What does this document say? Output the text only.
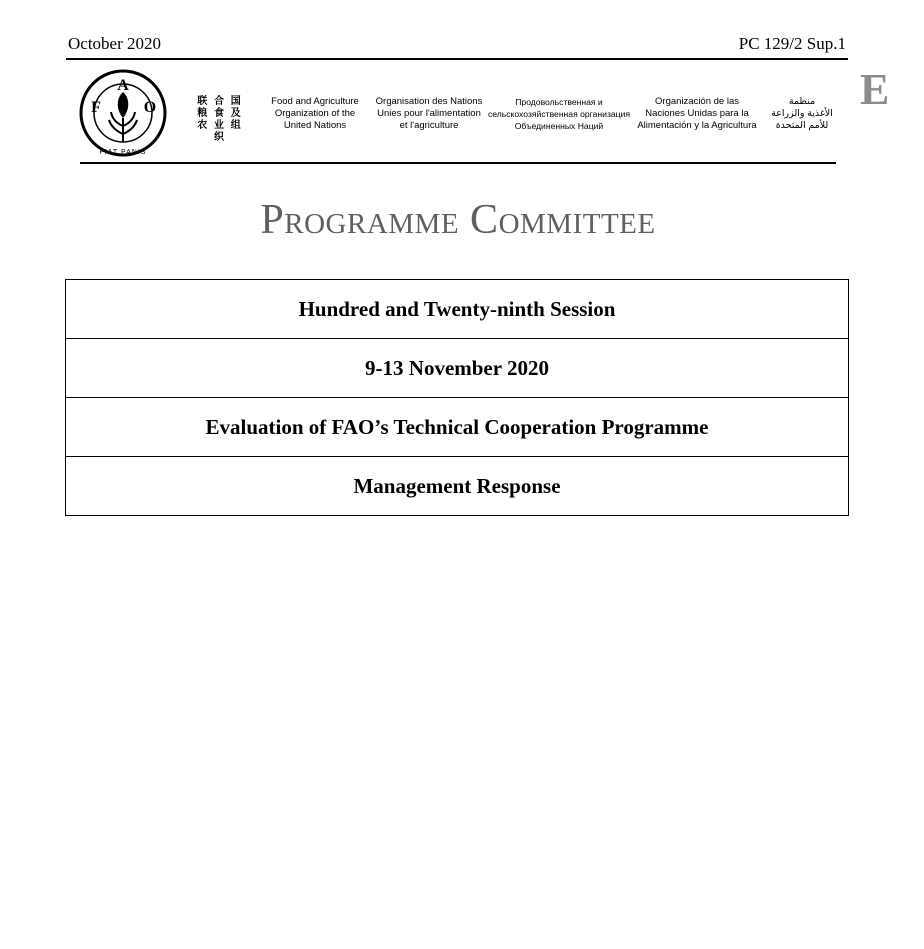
October 2020	PC 129/2 Sup.1
E
F
A
O
FIAT PANIS
联 合 国
粮 食 及
农 业 组 织
Food and Agriculture
Organization of the
United Nations
Organisation des Nations
Unies pour l'alimentation
et l'agriculture
Продовольственная и
сельскохозяйственная организация
Объединенных Наций
Organización de las
Naciones Unidas para la
Alimentación y la Agricultura
منظمة
الأغذية والزراعة
للأمم المتحدة
Programme Committee
Hundred and Twenty-ninth Session
9-13 November 2020
Evaluation of FAO’s Technical Cooperation Programme
Management Response
